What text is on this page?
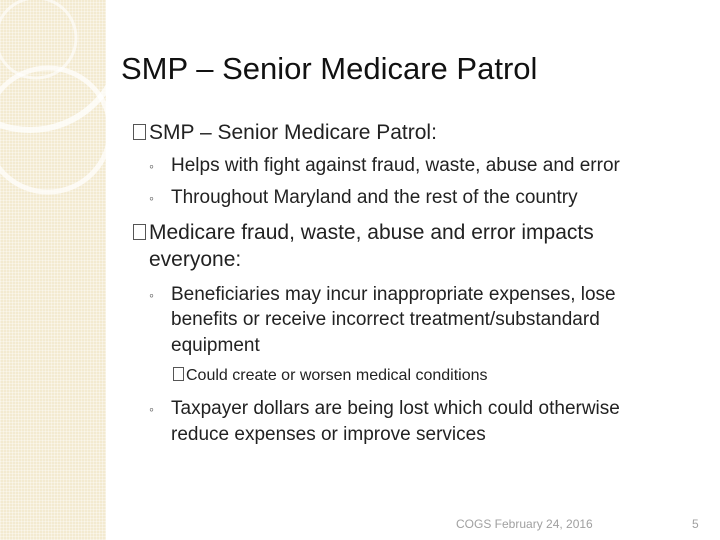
SMP – Senior Medicare Patrol
SMP – Senior Medicare Patrol:
◦ Helps with fight against fraud, waste, abuse and error
◦ Throughout Maryland and the rest of the country
Medicare fraud, waste, abuse and error impacts
everyone:
◦ Beneficiaries may incur inappropriate expenses, lose
benefits or receive incorrect treatment/substandard
equipment
Could create or worsen medical conditions
◦ Taxpayer dollars are being lost which could otherwise
reduce expenses or improve services
COGS February 24, 2016	5
